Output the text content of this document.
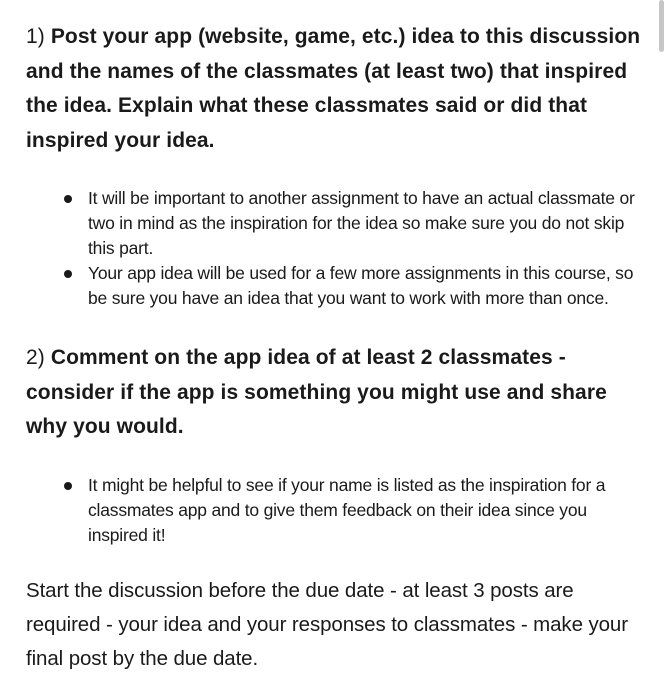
1) Post your app (website, game, etc.) idea to this discussion and the names of the classmates (at least two) that inspired the idea. Explain what these classmates said or did that inspired your idea.

It will be important to another assignment to have an actual classmate or two in mind as the inspiration for the idea so make sure you do not skip this part.
Your app idea will be used for a few more assignments in this course, so be sure you have an idea that you want to work with more than once.

2) Comment on the app idea of at least 2 classmates - consider if the app is something you might use and share why you would.

It might be helpful to see if your name is listed as the inspiration for a classmates app and to give them feedback on their idea since you inspired it!

Start the discussion before the due date - at least 3 posts are required - your idea and your responses to classmates - make your final post by the due date.
